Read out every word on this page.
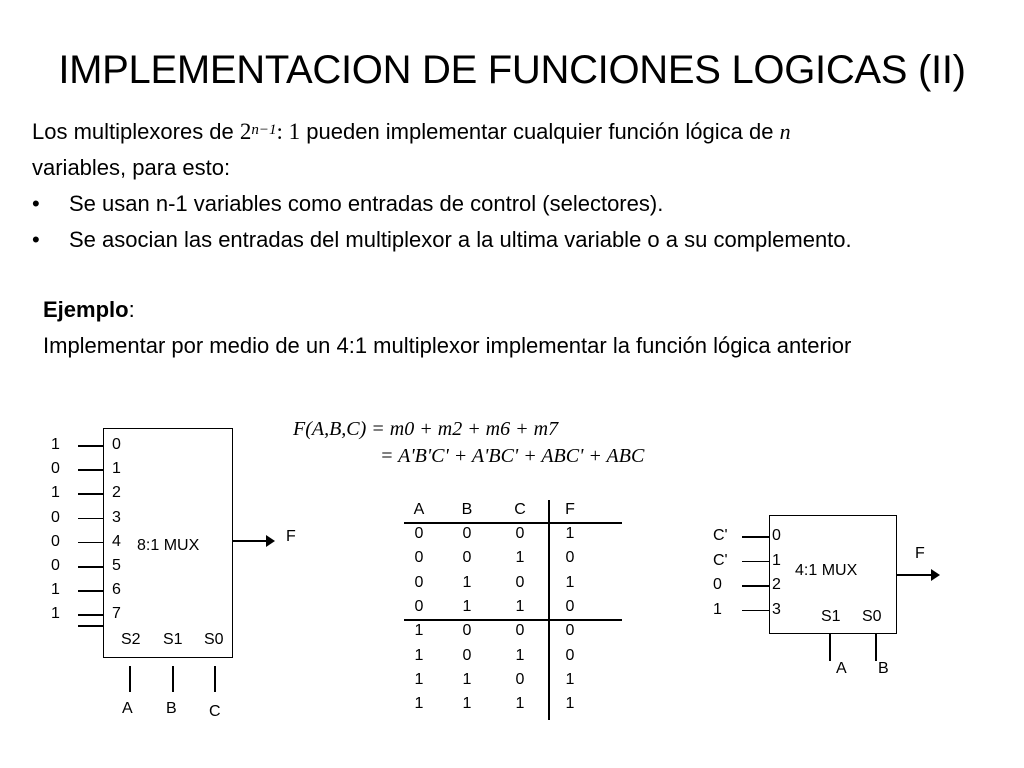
IMPLEMENTACION DE FUNCIONES LOGICAS (II)

Los multiplexores de $2^{n-1}$: 1 pueden implementar cualquier función lógica de n
variables, para esto:

• Se usan n-1 variables como entradas de control (selectores).
• Se asocian las entradas del multiplexor a la ultima variable o a su complemento.

Ejemplo:
Implementar por medio de un 4:1 multiplexor implementar la función lógica anterior

F(A,B,C) = m0 + m2 + m6 + m7
= A'B'C' + A'BC' + ABC' + ABC
8:1 MUX
1	0
0	1
1	2
0	3
0	4
0	5
1	6
1	7
S2 S1 S0
A B C
F
A	B	C	F
0	0	0	1
0	0	1	0
0	1	0	1
0	1	1	0
1	0	0	0
1	0	1	0
1	1	0	1
1	1	1	1
4:1 MUX
C'	0
C'	1
0	2
1	3	S1 S0
A B
F
